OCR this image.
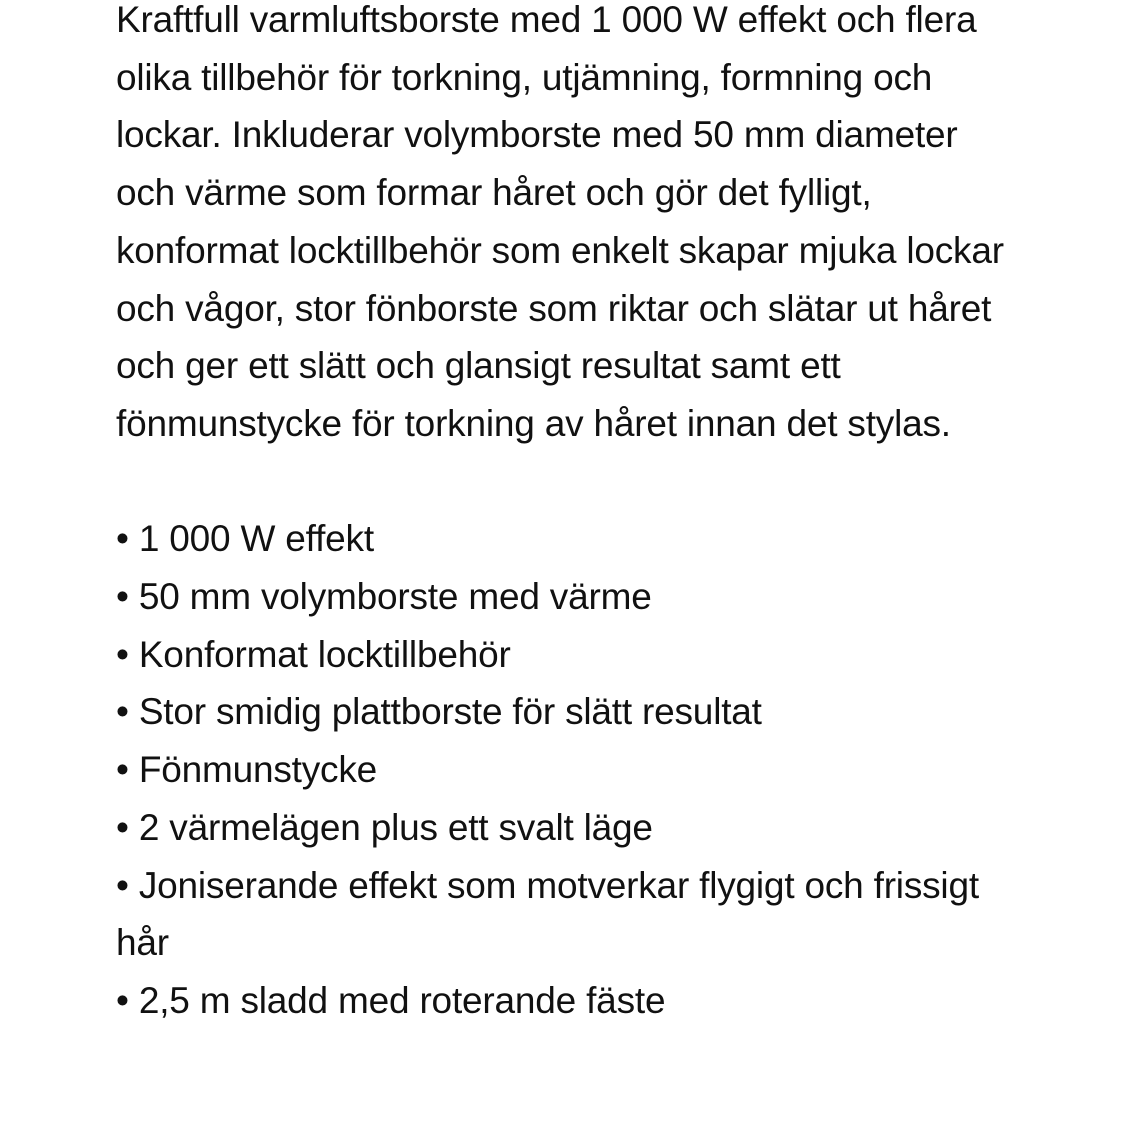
Kraftfull varmluftsborste med 1 000 W effekt och flera olika tillbehör för torkning, utjämning, formning och lockar. Inkluderar volymborste med 50 mm diameter och värme som formar håret och gör det fylligt, konformat locktillbehör som enkelt skapar mjuka lockar och vågor, stor fönborste som riktar och slätar ut håret och ger ett slätt och glansigt resultat samt ett fönmunstycke för torkning av håret innan det stylas.

• 1 000 W effekt
• 50 mm volymborste med värme
• Konformat locktillbehör
• Stor smidig plattborste för slätt resultat
• Fönmunstycke
• 2 värmelägen plus ett svalt läge
• Joniserande effekt som motverkar flygigt och frissigt hår
• 2,5 m sladd med roterande fäste
